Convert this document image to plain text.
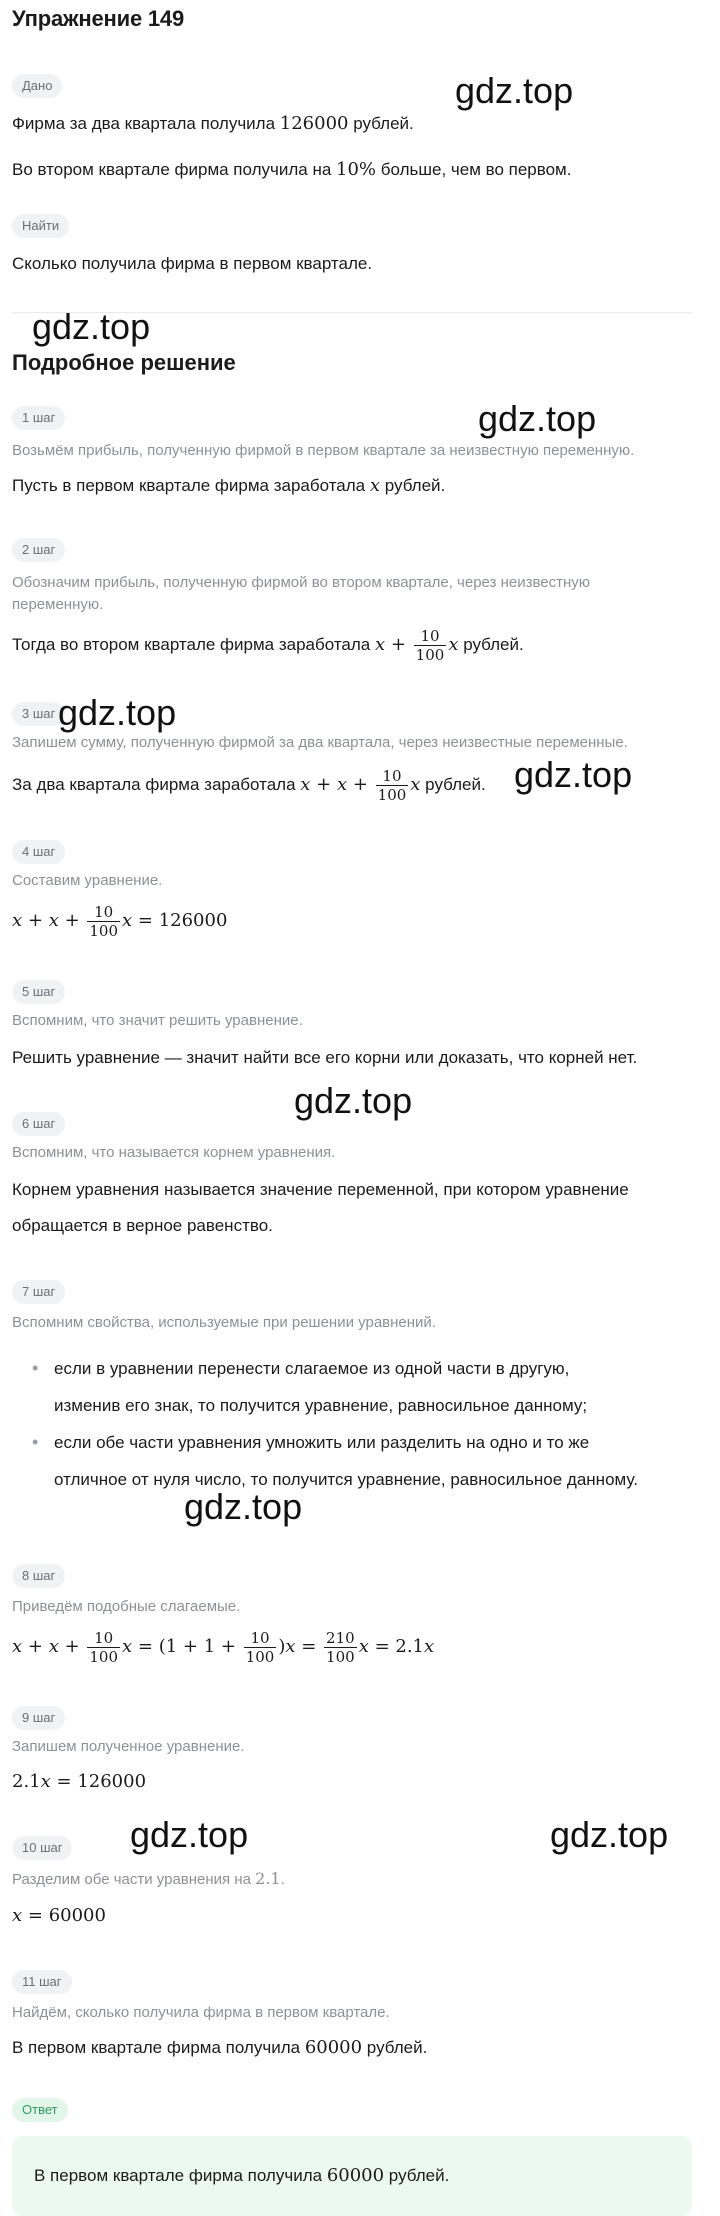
Упражнение 149
Дано
Фирма за два квартала получила 126000 рублей.
Во втором квартале фирма получила на 10% больше, чем во первом.
Найти
Сколько получила фирма в первом квартале.
Подробное решение
1 шаг
Возьмём прибыль, полученную фирмой в первом квартале за неизвестную переменную.
Пусть в первом квартале фирма заработала x рублей.
2 шаг
Обозначим прибыль, полученную фирмой во втором квартале, через неизвестную
переменную.
Тогда во втором квартале фирма заработала $x + \frac{10}{100}$ x рублей.
3 шаг
Запишем сумму, полученную фирмой за два квартала, через неизвестные переменные.
За два квартала фирма заработала $x + x + \frac{10}{100}$ x рублей.
4 шаг
Составим уравнение.
$x + x + \frac{10}{100}$ x = 126000
5 шаг
Вспомним, что значит решить уравнение.
Решить уравнение — значит найти все его корни или доказать, что корней нет.
6 шаг
Вспомним, что называется корнем уравнения.
Корнем уравнения называется значение переменной, при котором уравнение
обращается в верное равенство.
7 шаг
Вспомним свойства, используемые при решении уравнений.
• если в уравнении перенести слагаемое из одной части в другую,
изменив его знак, то получится уравнение, равносильное данному;
• если обе части уравнения умножить или разделить на одно и то же
отличное от нуля число, то получится уравнение, равносильное данному.
8 шаг
Приведём подобные слагаемые.
$x + x + \frac{10}{100}$ $x = (1 + 1 + \frac{10}{100} )x = \frac{210}{100}$ x = 2.1x
9 шаг
Запишем полученное уравнение.
2.1x = 126000
10 шаг
Разделим обе части уравнения на 2.1.
x = 60000
11 шаг
Найдём, сколько получила фирма в первом квартале.
В первом квартале фирма получила 60000 рублей.
Ответ
В первом квартале фирма получила 60000 рублей.
gdz.top
gdz.top
gdz.top
gdz.top
gdz.top
gdz.top
gdz.top
gdz.top	gdz.top
